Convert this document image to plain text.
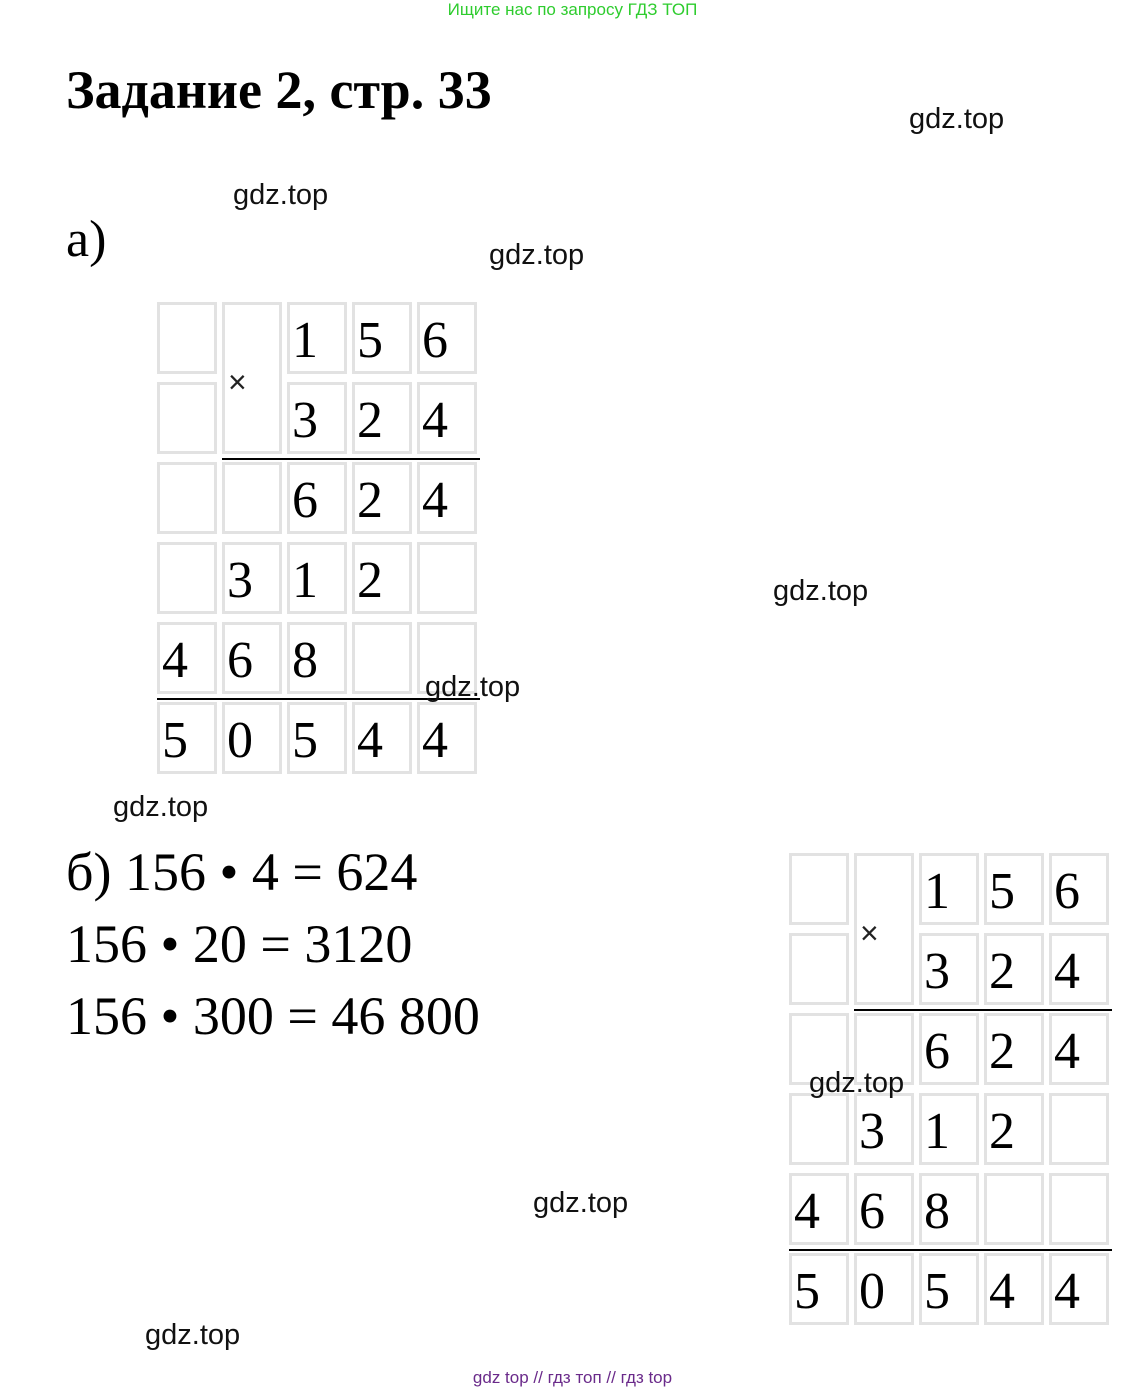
Ищите нас по запросу ГДЗ ТОП
Задание 2, стр. 33	gdz.top
gdz.top
gdz.top
gdz.top
gdz.top
gdz.top
gdz.top
а)
1 5 6
3 2 4
6 2 4
3 1 2
4 6 8
5 0 5 4 4
×
gdz.top
б) 156 • 4 = 624
156 • 20 = 3120
156 • 300 = 46 800
1 5 6
3 2 4
6 2 4
3 1 2
4 6 8
5 0 5 4 4
×
gdz.top
gdz top // гдз топ // гдз top
